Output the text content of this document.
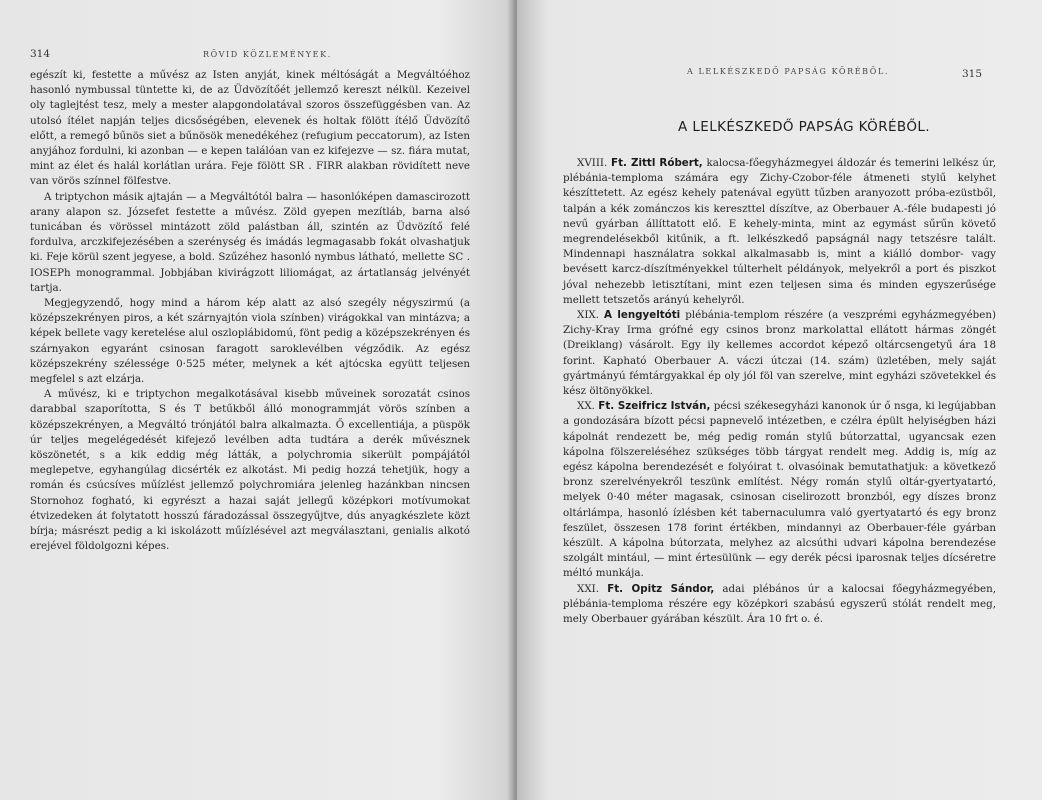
314	RÖVID KÖZLEMÉNYEK.

egészít ki, festette a művész az Isten anyját, kinek méltóságát a Megváltóéhoz hasonló nymbussal tüntette ki, de az Üdvözítőét jellemző kereszt nélkül. Kezeivel oly taglejtést tesz, mely a mester alapgondolatával szoros összefüggésben van. Az utolsó ítélet napján teljes dicsőségében, elevenek és holtak fölött ítélő Üdvözítő előtt, a remegő bűnös siet a bűnösök menedékéhez (refugium peccatorum), az Isten anyjához fordulni, ki azonban — e kepen találóan van ez kifejezve — sz. fiára mutat, mint az élet és halál korlátlan urára. Feje fölött SR . FIRR alakban rövidített neve van vörös színnel fölfestve.

A triptychon másik ajtaján — a Megváltótól balra — hasonlóképen damascirozott arany alapon sz. Józsefet festette a művész. Zöld gyepen mezítláb, barna alsó tunicában és vörössel mintázott zöld palástban áll, szintén az Üdvözítő felé fordulva, arczkifejezésében a szerénység és imádás legmagasabb fokát olvashatjuk ki. Feje körül szent jegyese, a bold. Szűzéhez hasonló nymbus látható, mellette SC . IOSEPh monogrammal. Jobbjában kivirágzott liliomágat, az ártatlanság jelvényét tartja.

Megjegyzendő, hogy mind a három kép alatt az alsó szegély négyszirmú (a középszekrényen piros, a két szárnyajtón viola színben) virágokkal van mintázva; a képek bellete vagy keretelése alul oszloplábidomú, fönt pedig a középszekrényen és szárnyakon egyaránt csinosan faragott saroklevélben végződik. Az egész középszekrény szélessége 0·525 méter, melynek a két ajtócska együtt teljesen megfelel s azt elzárja.

A művész, ki e triptychon megalkotásával kisebb műveinek sorozatát csinos darabbal szaporította, S és T betűkből álló monogrammját vörös színben a középszekrényen, a Megváltó trónjától balra alkalmazta. Ő excellentiája, a püspök úr teljes megelégedését kifejező levélben adta tudtára a derék művésznek köszönetét, s a kik eddig még látták, a polychromia sikerült pompájától meglepetve, egyhangúlag dicsérték ez alkotást. Mi pedig hozzá tehetjük, hogy a román és csúcsíves műízlést jellemző polychromiára jelenleg hazánkban nincsen Stornohoz fogható, ki egyrészt a hazai saját jellegű középkori motívumokat étvizedeken át folytatott hosszú fáradozással összegyűjtve, dús anyagkészlete közt bírja; másrészt pedig a ki iskolázott műízlésével azt megválasztani, genialis alkotó erejével földolgozni képes.

A LELKÉSZKEDŐ PAPSÁG KÖRÉBŐL.	315
A LELKÉSZKEDŐ PAPSÁG KÖRÉBŐL.

XVIII. Ft. Zittl Róbert, kalocsa-főegyházmegyei áldozár és temerini lelkész úr, plébánia-temploma számára egy Zichy-Czobor-féle átmeneti stylű kelyhet készíttetett. Az egész kehely patenával együtt tűzben aranyozott próba-ezüstből, talpán a kék zománczos kis kereszttel díszítve, az Oberbauer A.-féle budapesti jó nevű gyárban állíttatott elő. E kehely-minta, mint az egymást sűrűn követő megrendelésekből kitűnik, a ft. lelkészkedő papságnál nagy tetszésre talált. Mindennapi használatra sokkal alkalmasabb is, mint a kiálló dombor- vagy bevésett karcz-díszítményekkel túlterhelt példányok, melyekről a port és piszkot jóval nehezebb letisztítani, mint ezen teljesen sima és minden egyszerűsége mellett tetszetős arányú kehelyről.

XIX. A lengyeltóti plébánia-templom részére (a veszprémi egyházmegyében) Zichy-Kray Irma grófné egy csinos bronz markolattal ellátott hármas zöngét (Dreiklang) vásárolt. Egy ily kellemes accordot képező oltárcsengetyű ára 18 forint. Kapható Oberbauer A. váczi útczai (14. szám) üzletében, mely saját gyártmányú fémtárgyakkal ép oly jól föl van szerelve, mint egyházi szövetekkel és kész öltönyökkel.

XX. Ft. Szeifricz István, pécsi székesegyházi kanonok úr ő nsga, ki legújabban a gondozására bízott pécsi papnevelő intézetben, e czélra épült helyiségben házi kápolnát rendezett be, még pedig román stylű bútorzattal, ugyancsak ezen kápolna fölszereléséhez szükséges több tárgyat rendelt meg. Addig is, míg az egész kápolna berendezését e folyóirat t. olvasóinak bemutathatjuk: a következő bronz szerelvényekről teszünk említést. Négy román stylű oltár-gyertyatartó, melyek 0·40 méter magasak, csinosan ciselirozott bronzból, egy díszes bronz oltárlámpa, hasonló ízlésben két tabernaculumra való gyertyatartó és egy bronz feszület, összesen 178 forint értékben, mindannyi az Oberbauer-féle gyárban készült. A kápolna bútorzata, melyhez az alcsúthi udvari kápolna berendezése szolgált mintául, — mint értesülünk — egy derék pécsi iparosnak teljes dícséretre méltó munkája.

XXI. Ft. Opitz Sándor, adai plébános úr a kalocsai főegyházmegyében, plébánia-temploma részére egy középkori szabású egyszerű stólát rendelt meg, mely Oberbauer gyárában készült. Ára 10 frt o. é.
